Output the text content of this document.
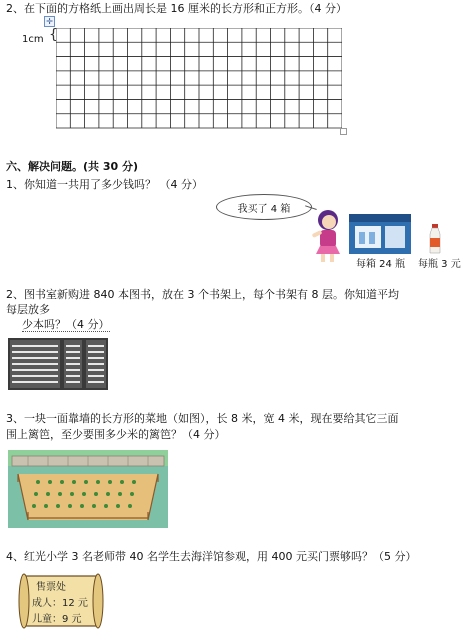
2、在下面的方格纸上画出周长是 16 厘米的长方形和正方形。（4 分）
✛
1cm {
六、解决问题。(共 30 分)
1、你知道一共用了多少钱吗？ （4 分）
我买了 4 箱
每箱 24 瓶 每瓶 3 元
2、图书室新购进 840 本图书，放在 3 个书架上，每个书架有 8 层。你知道平均
每层放多
少本吗？（4 分）
3、一块一面靠墙的长方形的菜地（如图），长 8 米，宽 4 米，现在要给其它三面
围上篱笆，至少要围多少米的篱笆？（4 分）
4、红光小学 3 名老师带 40 名学生去海洋馆参观，用 400 元买门票够吗？（5 分）
售票处
成人：12 元
儿童：9 元
